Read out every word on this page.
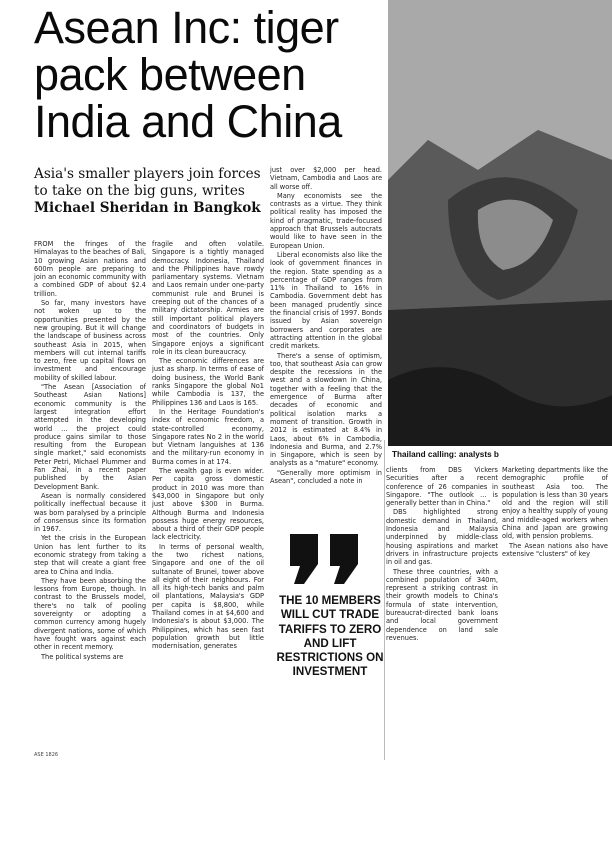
Asean Inc: tiger pack between India and China

Asia's smaller players join forces to take on the big guns, writes Michael Sheridan in Bangkok

FROM the fringes of the Himalayas to the beaches of Bali, 10 growing Asian nations and 600m people are preparing to join an economic community with a combined GDP of about $2.4 trillion.

So far, many investors have not woken up to the opportunities presented by the new grouping. But it will change the landscape of business across southeast Asia in 2015, when members will cut internal tariffs to zero, free up capital flows on investment and encourage mobility of skilled labour.

"The Asean [Association of Southeast Asian Nations] economic community is the largest integration effort attempted in the developing world ... the project could produce gains similar to those resulting from the European single market," said economists Peter Petri, Michael Plummer and Fan Zhai, in a recent paper published by the Asian Development Bank.

Asean is normally considered politically ineffectual because it was born paralysed by a principle of consensus since its formation in 1967.

Yet the crisis in the European Union has lent further to its economic strategy from taking a step that will create a giant free area to China and India.

They have been absorbing the lessons from Europe, though. In contrast to the Brussels model, there's no talk of pooling sovereignty or adopting a common currency among hugely divergent nations, some of which have fought wars against each other in recent memory.

The political systems are

fragile and often volatile. Singapore is a tightly managed democracy. Indonesia, Thailand and the Philippines have rowdy parliamentary systems. Vietnam and Laos remain under one-party communist rule and Brunei is creeping out of the chances of a military dictatorship. Armies are still important political players and coordinators of budgets in most of the countries. Only Singapore enjoys a significant role in its clean bureaucracy.

The economic differences are just as sharp. In terms of ease of doing business, the World Bank ranks Singapore the global No1 while Cambodia is 137, the Philippines 136 and Laos is 165.

In the Heritage Foundation's index of economic freedom, a state-controlled economy, Singapore rates No 2 in the world but Vietnam languishes at 136 and the military-run economy in Burma comes in at 174.

The wealth gap is even wider. Per capita gross domestic product in 2010 was more than $43,000 in Singapore but only just above $300 in Burma. Although Burma and Indonesia possess huge energy resources, about a third of their GDP people lack electricity.

In terms of personal wealth, the two richest nations, Singapore and one of the oil sultanate of Brunei, tower above all eight of their neighbours. For all its high-tech banks and palm oil plantations, Malaysia's GDP per capita is $8,800, while Thailand comes in at $4,600 and Indonesia's is about $3,000. The Philippines, which has seen fast population growth but little modernisation, generates

just over $2,000 per head. Vietnam, Cambodia and Laos are all worse off.

Many economists see the contrasts as a virtue. They think political reality has imposed the kind of pragmatic, trade-focused approach that Brussels autocrats would like to have seen in the European Union.

Liberal economists also like the look of government finances in the region. State spending as a percentage of GDP ranges from 11% in Thailand to 16% in Cambodia. Government debt has been managed prudently since the financial crisis of 1997. Bonds issued by Asian sovereign borrowers and corporates are attracting attention in the global credit markets.

There's a sense of optimism, too, that southeast Asia can grow despite the recessions in the west and a slowdown in China, together with a feeling that the emergence of Burma after decades of economic and political isolation marks a moment of transition. Growth in 2012 is estimated at 8.4% in Laos, about 6% in Cambodia, Indonesia and Burma, and 2.7% in Singapore, which is seen by analysts as a "mature" economy.

"Generally more optimism in Asean", concluded a note in

Thailand calling: analysts b

THE 10 MEMBERS WILL CUT TRADE TARIFFS TO ZERO AND LIFT RESTRICTIONS ON INVESTMENT

clients from DBS Vickers Securities after a recent conference of 26 companies in Singapore. "The outlook ... is generally better than in China."

DBS highlighted strong domestic demand in Thailand, Indonesia and Malaysia underpinned by middle-class housing aspirations and market drivers in infrastructure projects in oil and gas.

These three countries, with a combined population of 340m, represent a striking contrast in their growth models to China's formula of state intervention, bureaucrat-directed bank loans and local government dependence on land sale revenues.

Marketing departments like the demographic profile of southeast Asia too. The population is less than 30 years old and the region will still enjoy a healthy supply of young and middle-aged workers when China and Japan are growing old, with pension problems.

The Asean nations also have extensive "clusters" of key

ASE 1826
